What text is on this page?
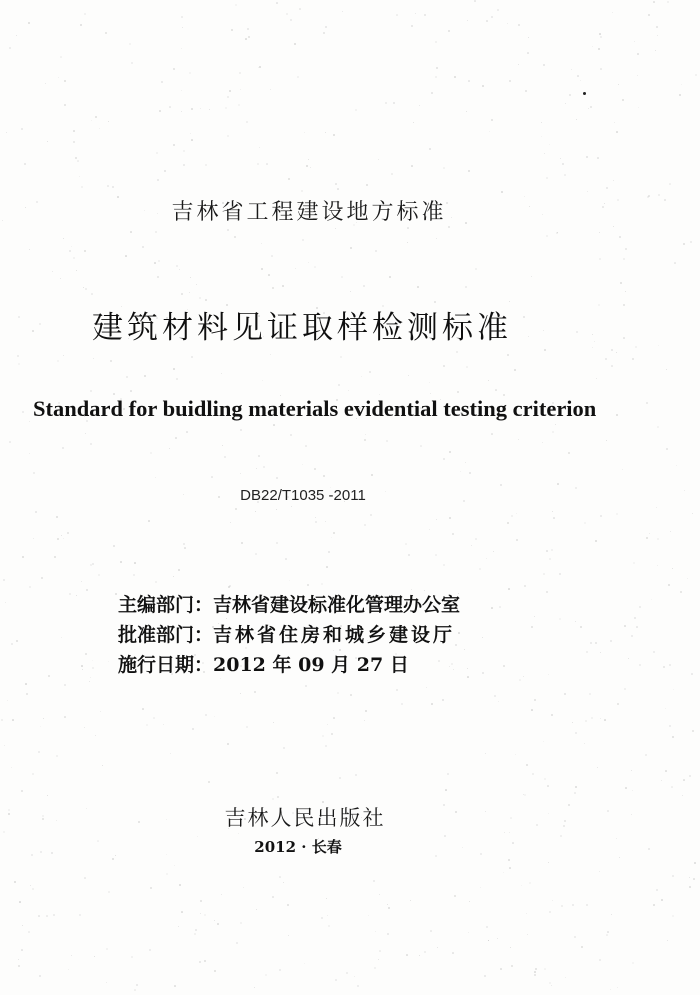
吉林省工程建设地方标准
建筑材料见证取样检测标准
Standard for buidling materials evidential testing criterion
DB22/T1035 -2011
主编部门：吉林省建设标准化管理办公室
批准部门：吉林省住房和城乡建设厅
施行日期：2012 年 09 月 27 日
吉林人民出版社
2012 · 长春
